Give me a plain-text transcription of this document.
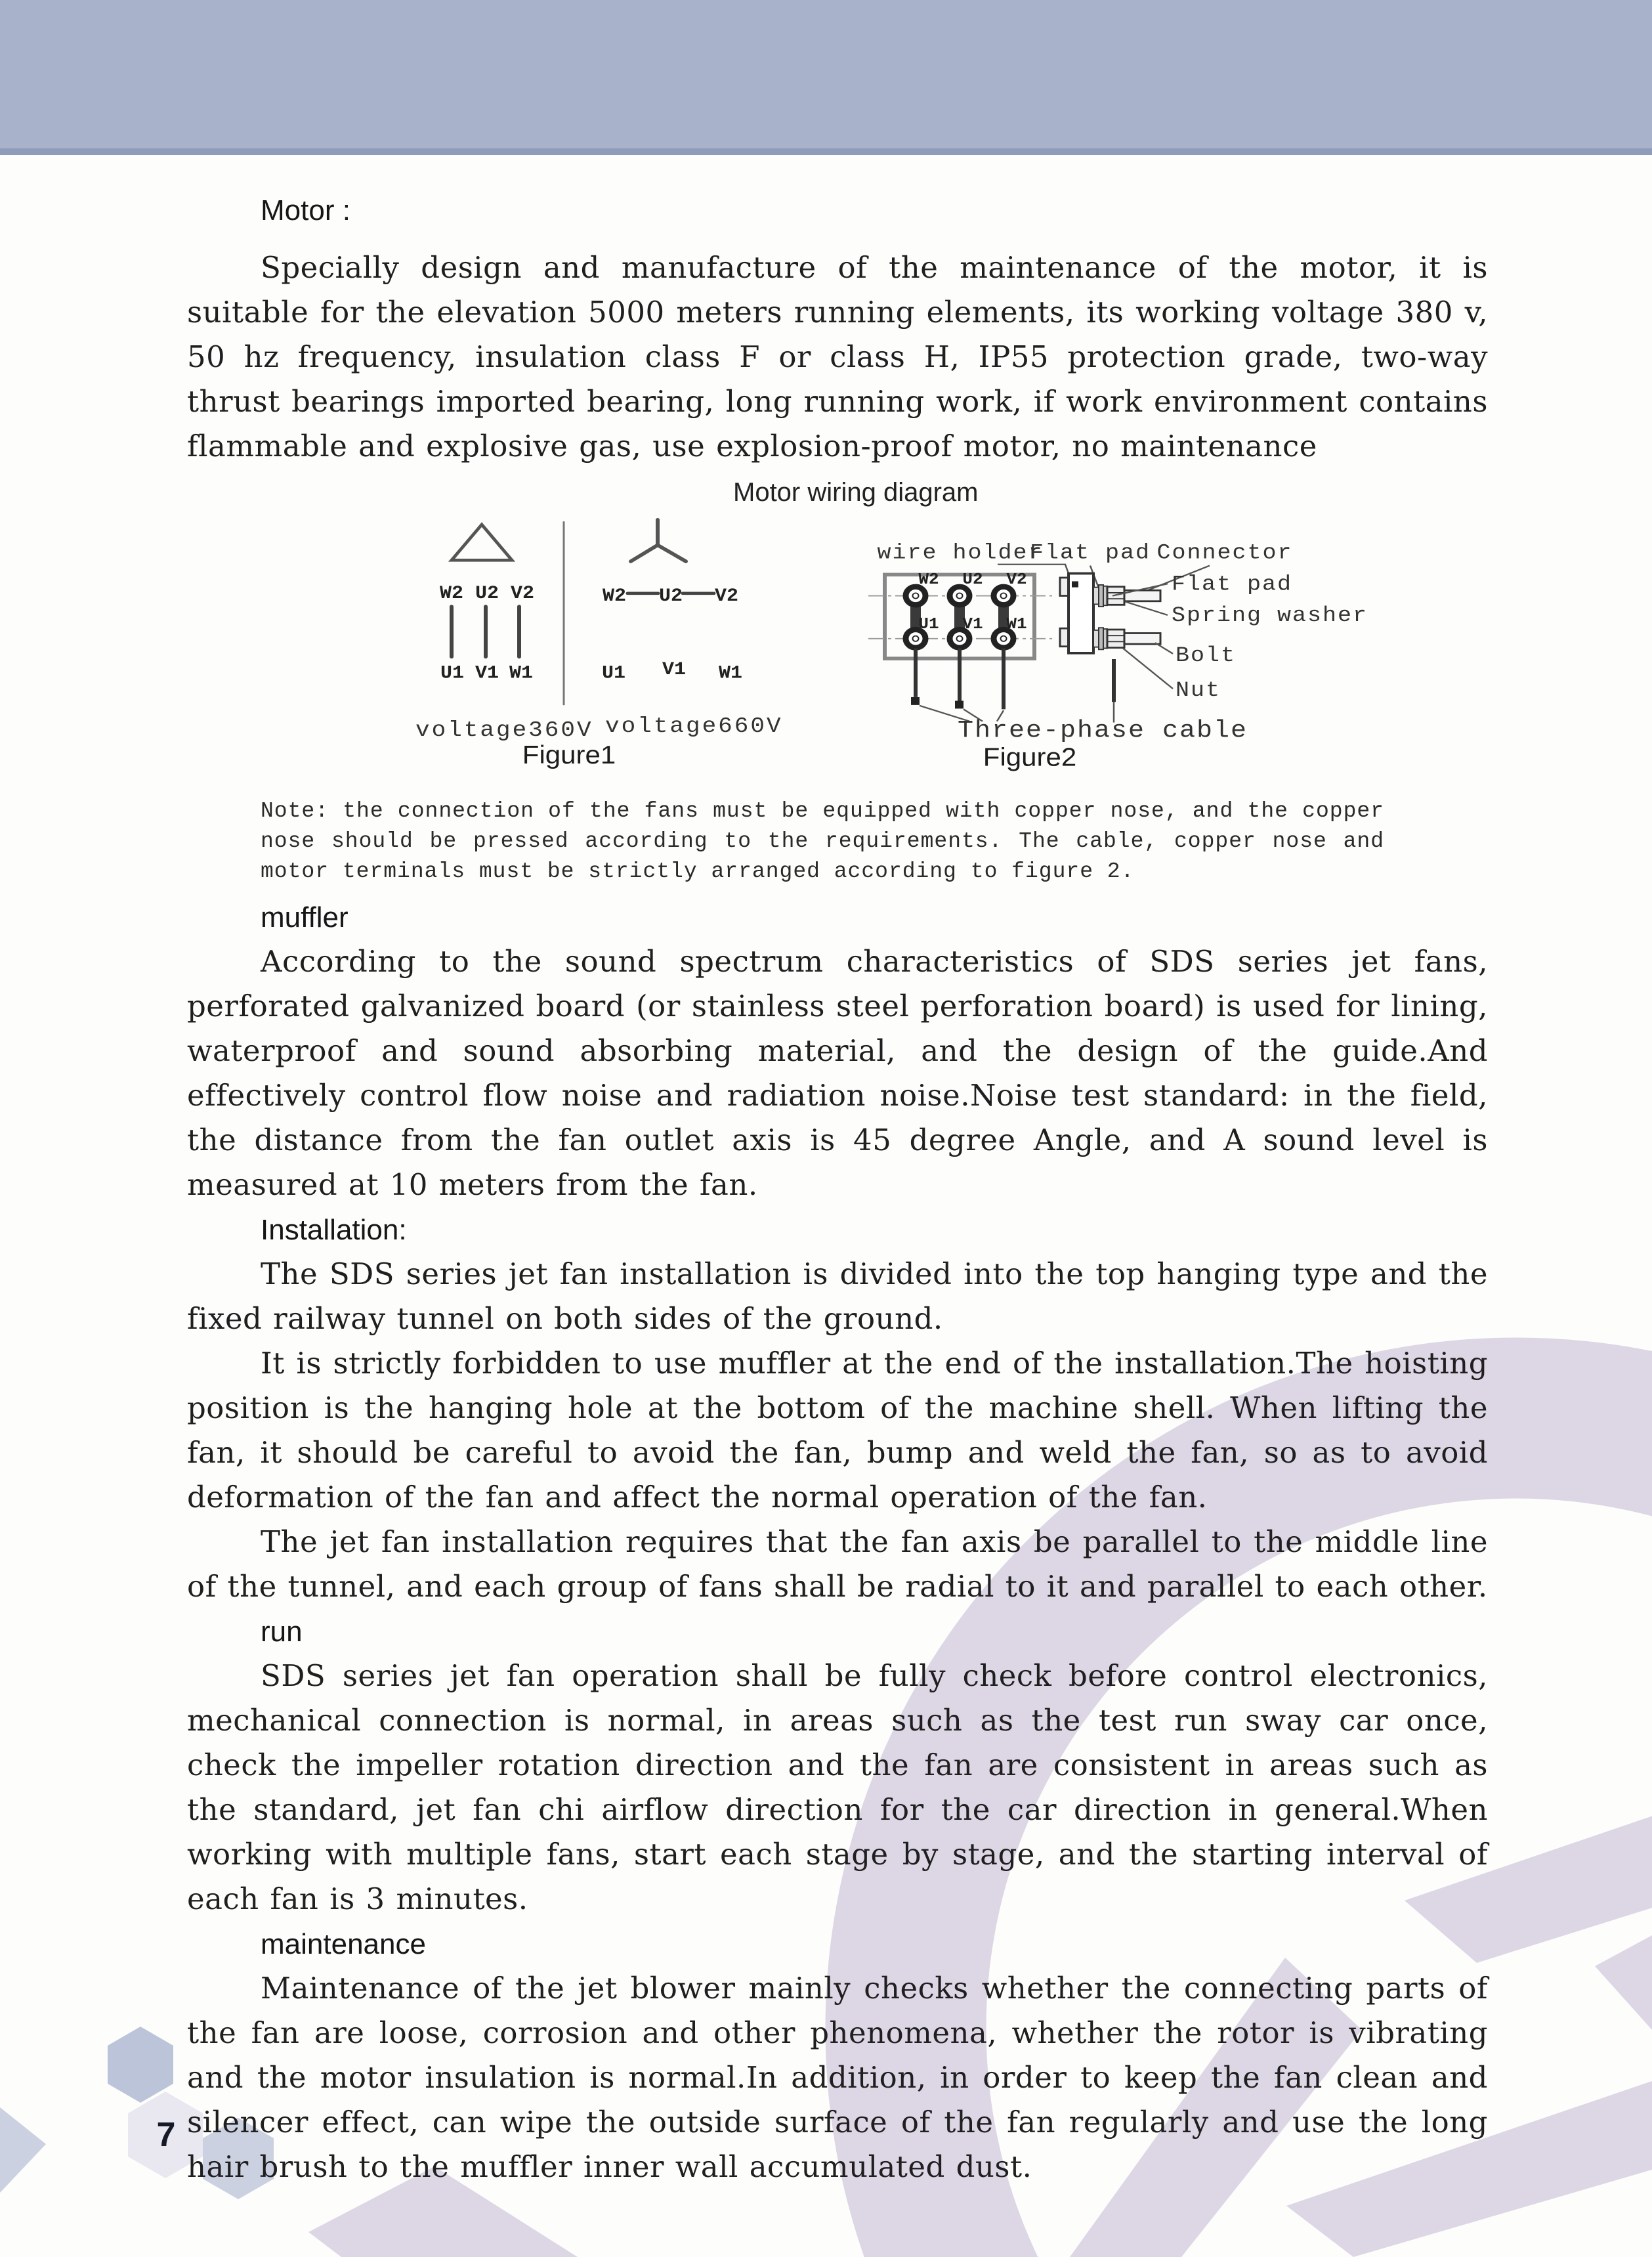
7
Motor :

Specially design and manufacture of the maintenance of the motor, it is suitable for the elevation 5000 meters running elements, its working voltage 380 v, 50 hz frequency, insulation class F or class H, IP55 protection grade, two-way thrust bearings imported bearing, long running work, if work environment contains flammable and explosive gas, use explosion-proof motor, no maintenance

Motor wiring diagram
W2 U2 V2
U1 V1 W1
voltage360V
W2 U2 V2
U1 V1 W1
voltage660V
Figure1
wire holder
Flat pad Connector
W2 U2 V2
U1 V1 W1
Flat pad
Spring washer
Bolt
Nut
Three-phase cable
Figure2

Note: the connection of the fans must be equipped with copper nose, and the copper nose should be pressed according to the requirements. The cable, copper nose and motor terminals must be strictly arranged according to figure 2.

muffler

According to the sound spectrum characteristics of SDS series jet fans, perforated galvanized board (or stainless steel perforation board) is used for lining, waterproof and sound absorbing material, and the design of the guide.And effectively control flow noise and radiation noise.Noise test standard: in the field, the distance from the fan outlet axis is 45 degree Angle, and A sound level is measured at 10 meters from the fan.

Installation:

The SDS series jet fan installation is divided into the top hanging type and the fixed railway tunnel on both sides of the ground.

It is strictly forbidden to use muffler at the end of the installation.The hoisting position is the hanging hole at the bottom of the machine shell. When lifting the fan, it should be careful to avoid the fan, bump and weld the fan, so as to avoid deformation of the fan and affect the normal operation of the fan.

The jet fan installation requires that the fan axis be parallel to the middle line of the tunnel, and each group of fans shall be radial to it and parallel to each other.

run

SDS series jet fan operation shall be fully check before control electronics, mechanical connection is normal, in areas such as the test run sway car once, check the impeller rotation direction and the fan are consistent in areas such as the standard, jet fan chi airflow direction for the car direction in general.When working with multiple fans, start each stage by stage, and the starting interval of each fan is 3 minutes.

maintenance

Maintenance of the jet blower mainly checks whether the connecting parts of the fan are loose, corrosion and other phenomena, whether the rotor is vibrating and the motor insulation is normal.In addition, in order to keep the fan clean and silencer effect, can wipe the outside surface of the fan regularly and use the long hair brush to the muffler inner wall accumulated dust.
